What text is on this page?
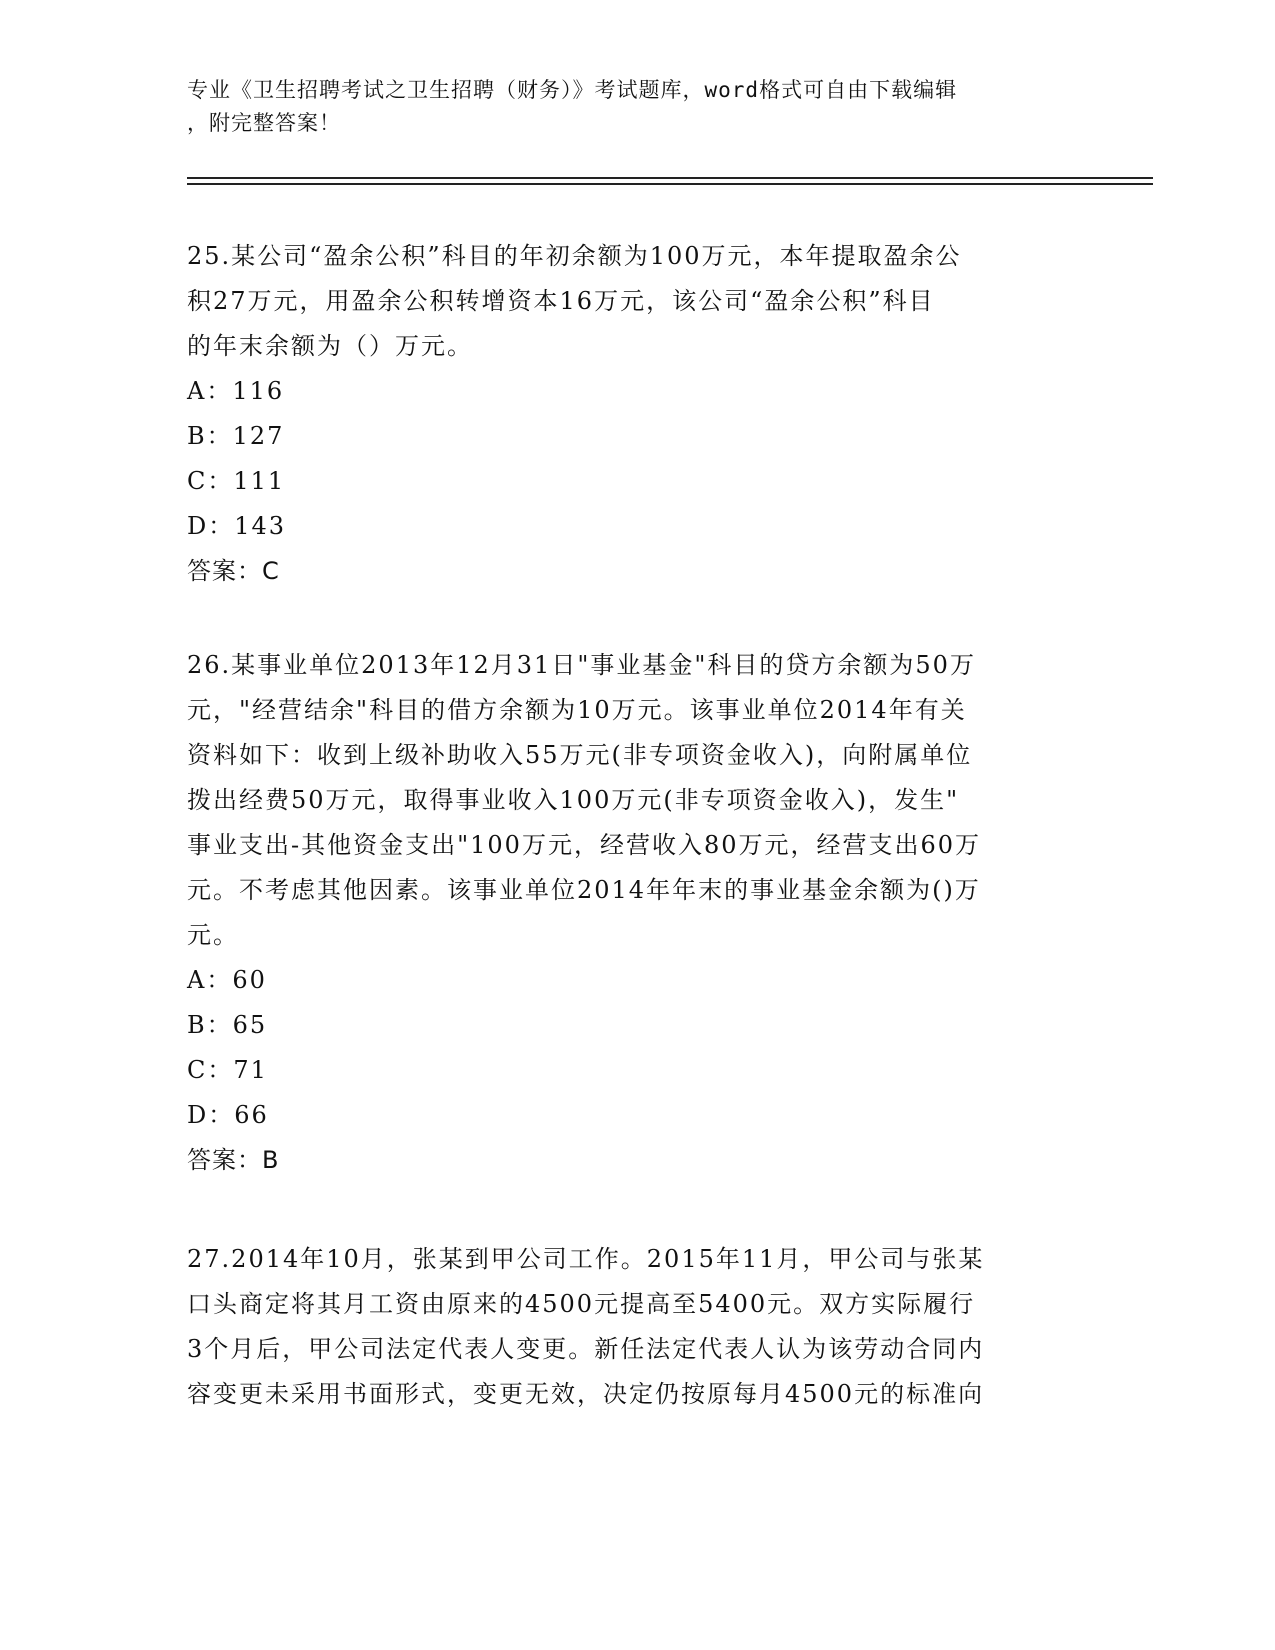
专业《卫生招聘考试之卫生招聘（财务）》考试题库，word格式可自由下载编辑
，附完整答案！
25.某公司“盈余公积”科目的年初余额为100万元，本年提取盈余公
积27万元，用盈余公积转增资本16万元，该公司“盈余公积”科目
的年末余额为（）万元。
A：116
B：127
C：111
D：143
答案：C
26.某事业单位2013年12月31日"事业基金"科目的贷方余额为50万
元，"经营结余"科目的借方余额为10万元。该事业单位2014年有关
资料如下：收到上级补助收入55万元(非专项资金收入)，向附属单位
拨出经费50万元，取得事业收入100万元(非专项资金收入)，发生"
事业支出-其他资金支出"100万元，经营收入80万元，经营支出60万
元。不考虑其他因素。该事业单位2014年年末的事业基金余额为()万
元。
A：60
B：65
C：71
D：66
答案：B
27.2014年10月，张某到甲公司工作。2015年11月，甲公司与张某
口头商定将其月工资由原来的4500元提高至5400元。双方实际履行
3个月后，甲公司法定代表人变更。新任法定代表人认为该劳动合同内
容变更未采用书面形式，变更无效，决定仍按原每月4500元的标准向
